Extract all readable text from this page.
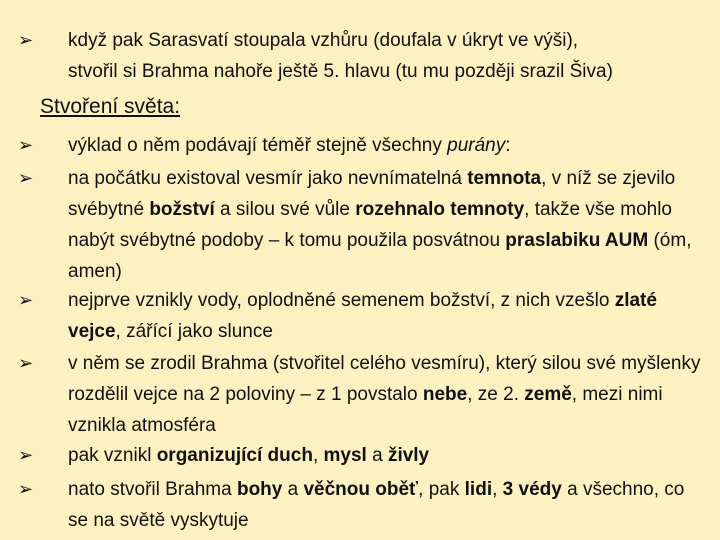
➢	když pak Sarasvatí stoupala vzhůru (doufala v úkryt ve výši),
stvořil si Brahma nahoře ještě 5. hlavu (tu mu později srazil Šiva)
Stvoření světa:
➢	výklad o něm podávají téměř stejně všechny purány:
➢	na počátku existoval vesmír jako nevnímatelná temnota, v níž se zjevilo svébytné božství a silou své vůle rozehnalo temnoty, takže vše mohlo nabýt svébytné podoby – k tomu použila posvátnou praslabiku AUM (óm, amen)
➢	nejprve vznikly vody, oplodněné semenem božství, z nich vzešlo zlaté vejce, zářící jako slunce
➢	v něm se zrodil Brahma (stvořitel celého vesmíru), který silou své myšlenky rozdělil vejce na 2 poloviny – z 1 povstalo nebe, ze 2. země, mezi nimi vznikla atmosféra
➢	pak vznikl organizující duch, mysl a živly
➢	nato stvořil Brahma bohy a věčnou oběť, pak lidi, 3 védy a všechno, co se na světě vyskytuje
